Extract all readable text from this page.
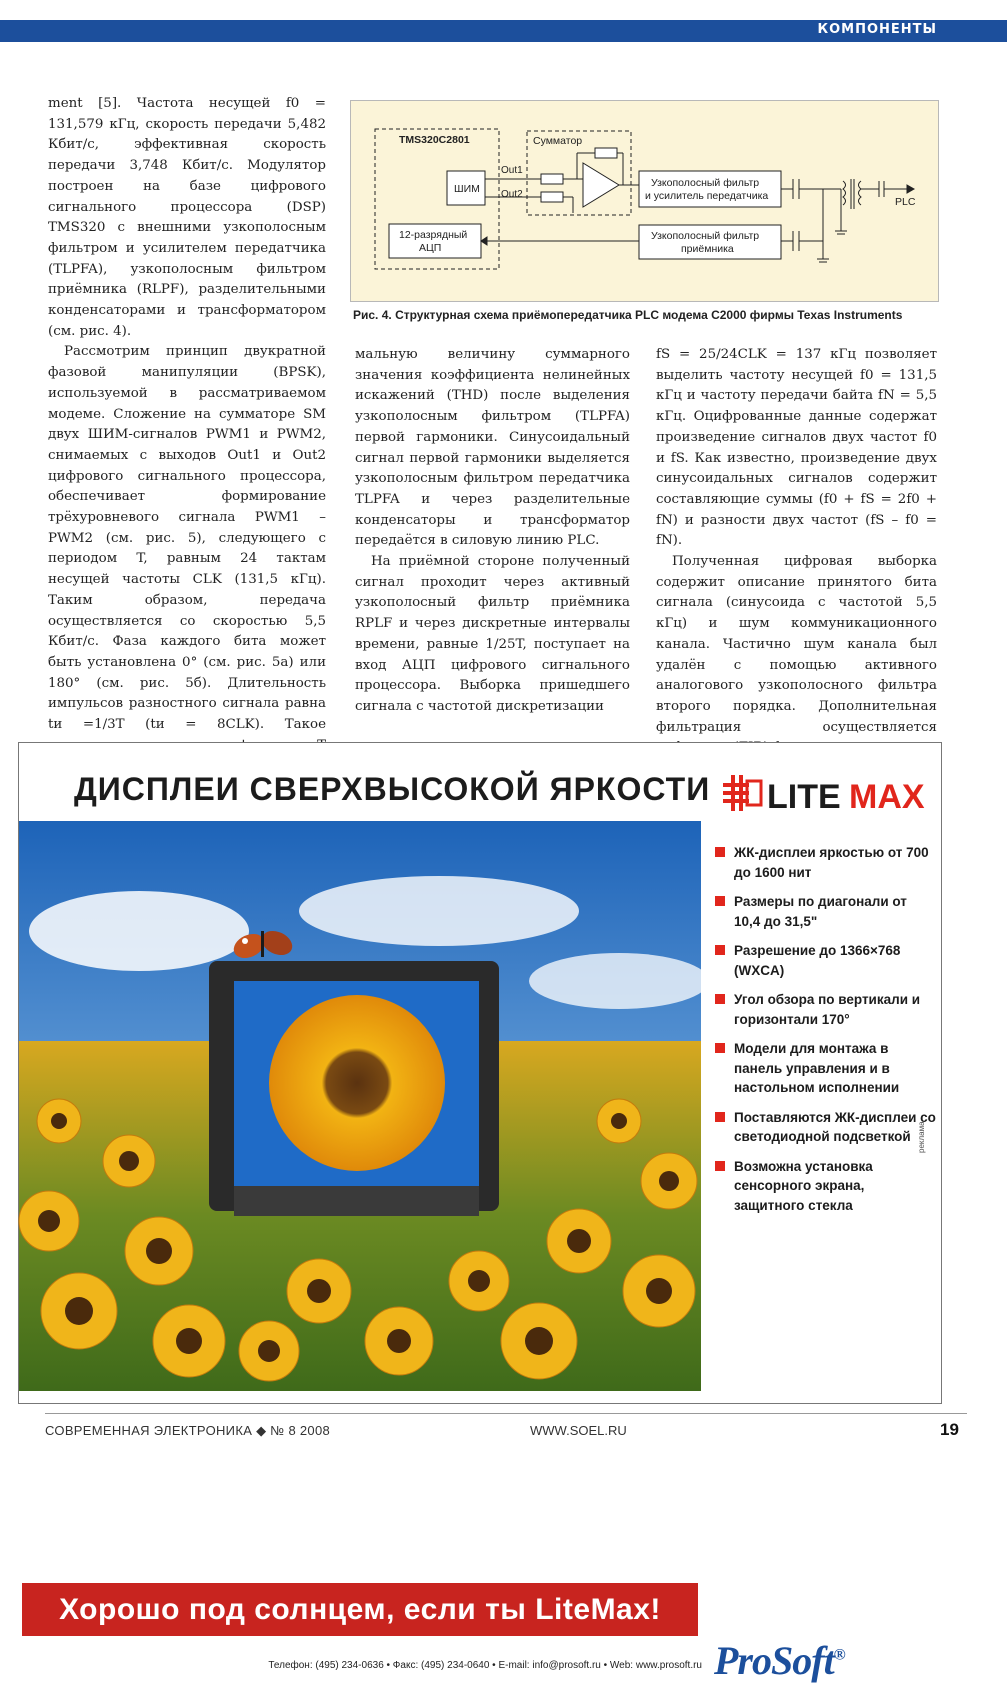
КОМПОНЕНТЫ
TMS320C2801
ШИМ
12-разрядный
АЦП
Сумматор
Out1
Out2
Узкополосный фильтр
и усилитель передатчика	PLC
Узкополосный фильтр
приёмника
Рис. 4. Структурная схема приёмопередатчика PLC модема C2000 фирмы Texas Instruments

ment [5]. Частота несущей f0 = 131,579 кГц, скорость передачи 5,482 Кбит/с, эффективная скорость передачи 3,748 Кбит/с. Модулятор построен на базе цифрового сигнального процессора (DSP) TMS320 с внешними узкополосным фильтром и усилителем передатчика (TLPFA), узкополосным фильтром приёмника (RLPF), разделительными конденсаторами и трансформатором (см. рис. 4).

Рассмотрим принцип двукратной фазовой манипуляции (BPSK), используемой в рассматриваемом модеме. Сложение на сумматоре SM двух ШИМ-сигналов PWM1 и PWM2, снимаемых с выходов Out1 и Out2 цифрового сигнального процессора, обеспечивает формирование трёхуровневого сигнала PWM1 – PWM2 (см. рис. 5), следующего с периодом T, равным 24 тактам несущей частоты CLK (131,5 кГц). Таким образом, передача осуществляется со скоростью 5,5 Кбит/с. Фаза каждого бита может быть установлена 0° (см. рис. 5а) или 180° (см. рис. 5б). Длительность импульсов разностного сигнала равна tи =1/3T (tи = 8CLK). Такое

мальную величину суммарного значения коэффициента нелинейных искажений (THD) после выделения узкополосным фильтром (TLPFA) первой гармоники. Синусоидальный сигнал первой гармоники выделяется узкополосным фильтром передатчика TLPFA и через разделительные конденсаторы и трансформатор передаётся в силовую линию PLC.

На приёмной стороне полученный сигнал проходит через активный узкополосный фильтр приёмника RPLF и через дискретные интервалы времени, равные 1/25T, поступает на вход АЦП цифрового сигнального процессора. Выборка пришедшего сигнала с частотой дискретизации

fS = 25/24CLK = 137 кГц позволяет выделить частоту несущей f0 = 131,5 кГц и частоту передачи байта fN = 5,5 кГц. Оцифрованные данные содержат произведение сигналов двух частот f0 и fS. Как известно, произведение двух синусоидальных сигналов содержит составляющие суммы (f0 + fS = 2f0 + fN) и разности двух частот (fS – f0 = fN).

Полученная цифровая выборка содержит описание принятого бита сигнала (синусоида с частотой 5,5 кГц) и шум коммуникационного канала. Частично шум канала был удалён с помощью активного аналогового узкополосного фильтра второго порядка. Дополнительная фильтрация осуществляется

ДИСПЛЕИ СВЕРХВЫСОКОЙ ЯРКОСТИ LITE MAX
ЖК-дисплеи яркостью от 700 до 1600 нит
Размеры по диагонали от 10,4 до 31,5"
Разрешение до 1366×768 (WXCA)
Угол обзора по вертикали и горизонтали 170°
Модели для монтажа в панель управления и в настольном исполнении
Поставляются ЖК-дисплеи со светодиодной подсветкой
Возможна установка сенсорного экрана, защитного стекла
реклама
Хорошо под солнцем, если ты LiteMax!
Телефон: (495) 234-0636 • Факс: (495) 234-0640 • E-mail: info@prosoft.ru • Web: www.prosoft.ru ProSoft®
СОВРЕМЕННАЯ ЭЛЕКТРОНИКА ◆ № 8 2008	WWW.SOEL.RU	19
